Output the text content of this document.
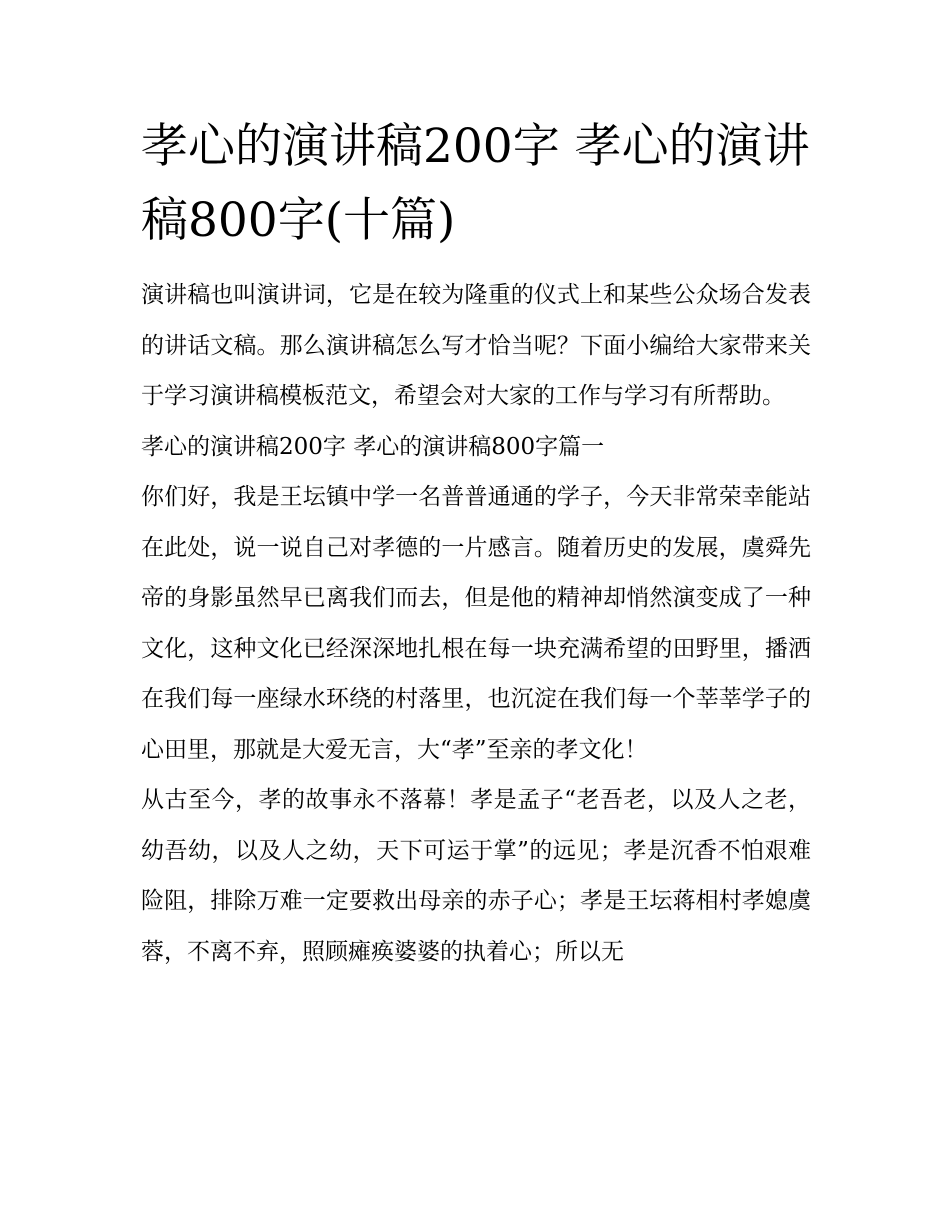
孝心的演讲稿200字 孝心的演讲稿800字(十篇)

演讲稿也叫演讲词，它是在较为隆重的仪式上和某些公众场合发表的讲话文稿。那么演讲稿怎么写才恰当呢？下面小编给大家带来关于学习演讲稿模板范文，希望会对大家的工作与学习有所帮助。

孝心的演讲稿200字 孝心的演讲稿800字篇一

你们好，我是王坛镇中学一名普普通通的学子，今天非常荣幸能站在此处，说一说自己对孝德的一片感言。随着历史的发展，虞舜先帝的身影虽然早已离我们而去，但是他的精神却悄然演变成了一种文化，这种文化已经深深地扎根在每一块充满希望的田野里，播洒在我们每一座绿水环绕的村落里，也沉淀在我们每一个莘莘学子的心田里，那就是大爱无言，大“孝”至亲的孝文化！

从古至今，孝的故事永不落幕！孝是孟子“老吾老，以及人之老，幼吾幼，以及人之幼，天下可运于掌”的远见；孝是沉香不怕艰难险阻，排除万难一定要救出母亲的赤子心；孝是王坛蒋相村孝媳虞蓉，不离不弃，照顾瘫痪婆婆的执着心；所以无
